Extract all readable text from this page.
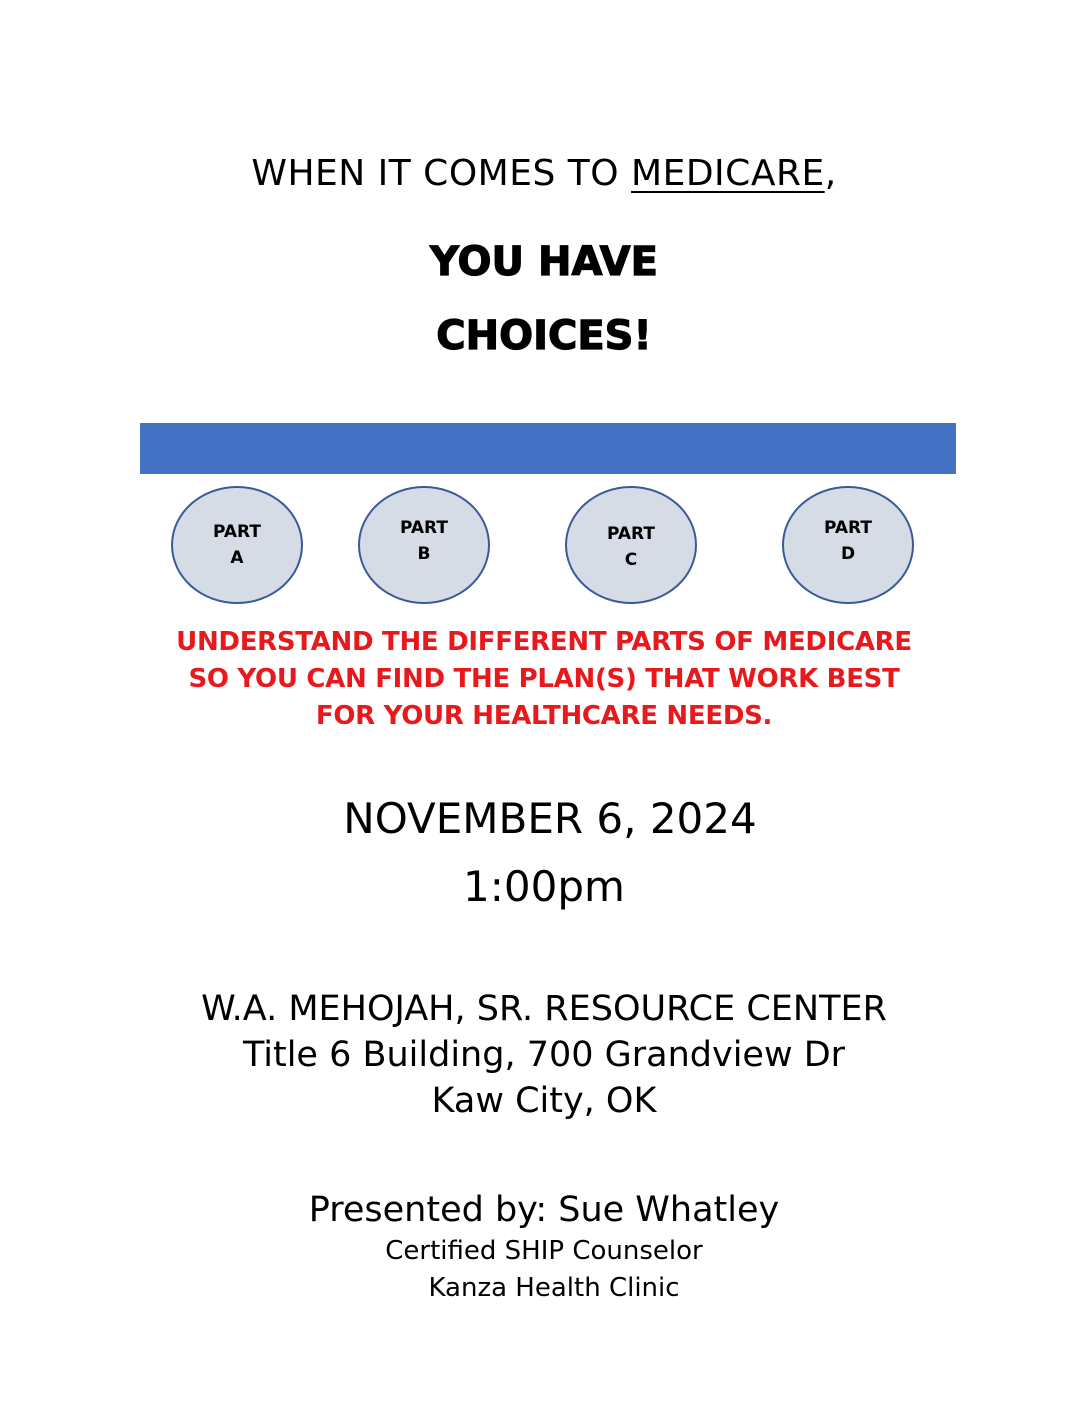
WHEN IT COMES TO MEDICARE,
YOU HAVE
CHOICES!
PART
A
PART
B
PART
C
PART
D
UNDERSTAND THE DIFFERENT PARTS OF MEDICARE
SO YOU CAN FIND THE PLAN(S) THAT WORK BEST
FOR YOUR HEALTHCARE NEEDS.
NOVEMBER 6, 2024
1:00pm
W.A. MEHOJAH, SR. RESOURCE CENTER
Title 6 Building, 700 Grandview Dr
Kaw City, OK
Presented by: Sue Whatley
Certified SHIP Counselor
Kanza Health Clinic
